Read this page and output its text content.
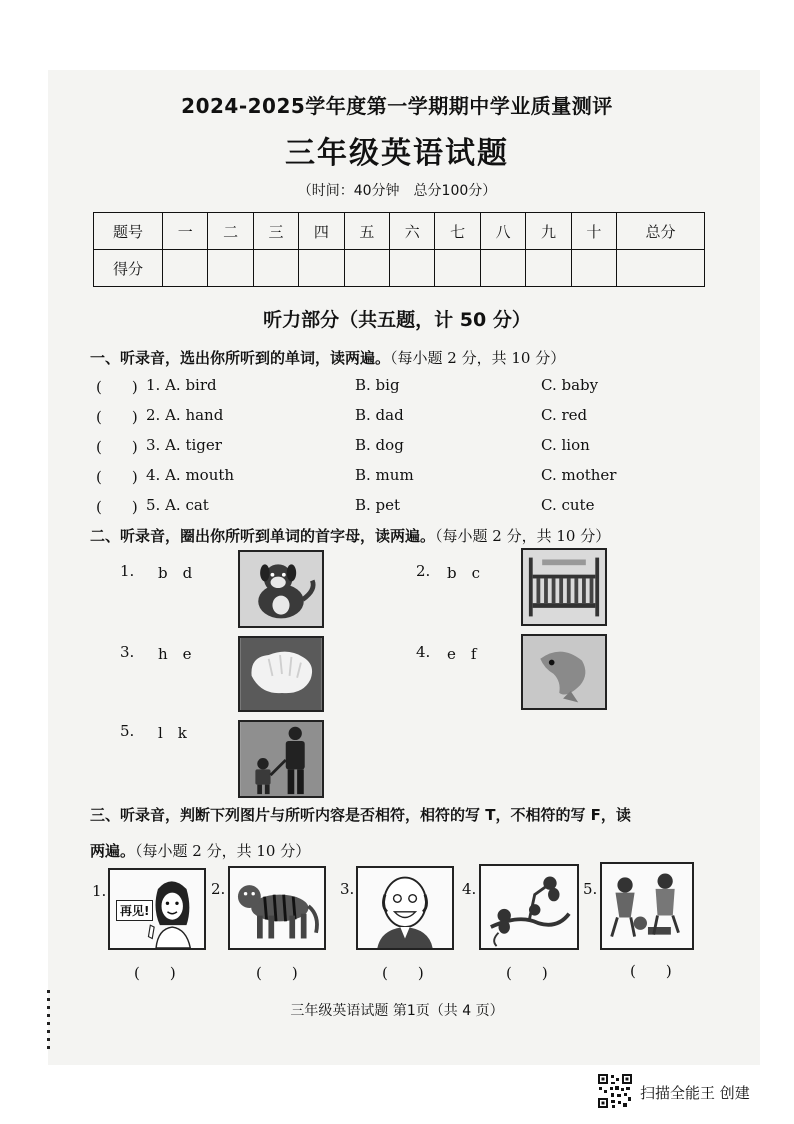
2024-2025学年度第一学期期中学业质量测评
三年级英语试题
（时间：40分钟　总分100分）
题号	一	二	三	四	五	六	七	八	九	十	总分
得分											
听力部分（共五题，计 50 分）
一、听录音，选出你所听到的单词，读两遍。（每小题 2 分，共 10 分）
(　　) 1. A. bird	B. big	C. baby
(　　) 2. A. hand	B. dad	C. red
(　　) 3. A. tiger	B. dog	C. lion
(　　) 4. A. mouth	B. mum	C. mother
(　　) 5. A. cat	B. pet	C. cute
二、听录音，圈出你所听到单词的首字母，读两遍。（每小题 2 分，共 10 分）
1. b　d	2. b　c
3. h　e	4. e　f
5. l　k
三、听录音，判断下列图片与所听内容是否相符，相符的写 T，不相符的写 F，读
两遍。（每小题 2 分，共 10 分）
1.
再见!
2.	3.	4.	5.
(　　)	(　　)	(　　)	(　　)	(　　)
三年级英语试题 第1页（共 4 页）
扫描全能王 创建
